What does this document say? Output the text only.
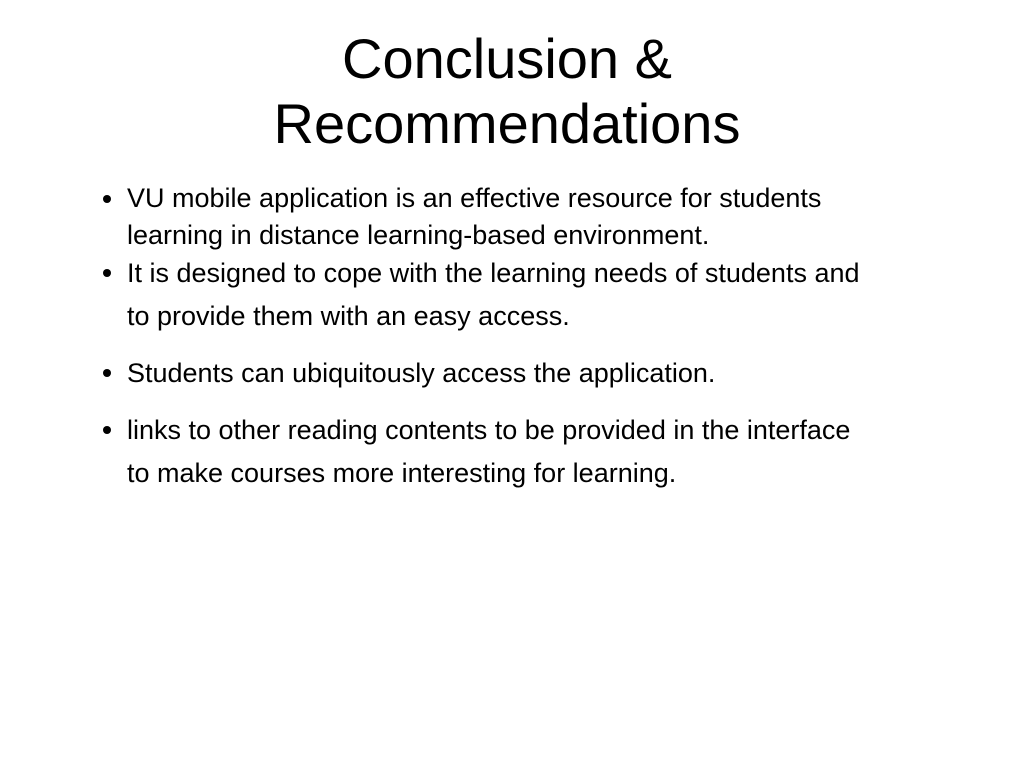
Conclusion &
Recommendations
VU mobile application is an effective resource for students learning in distance learning-based environment.
It is designed to cope with the learning needs of students and to provide them with an easy access.
Students can ubiquitously access the application.
links to other reading contents to be provided in the interface to make courses more interesting for learning.
